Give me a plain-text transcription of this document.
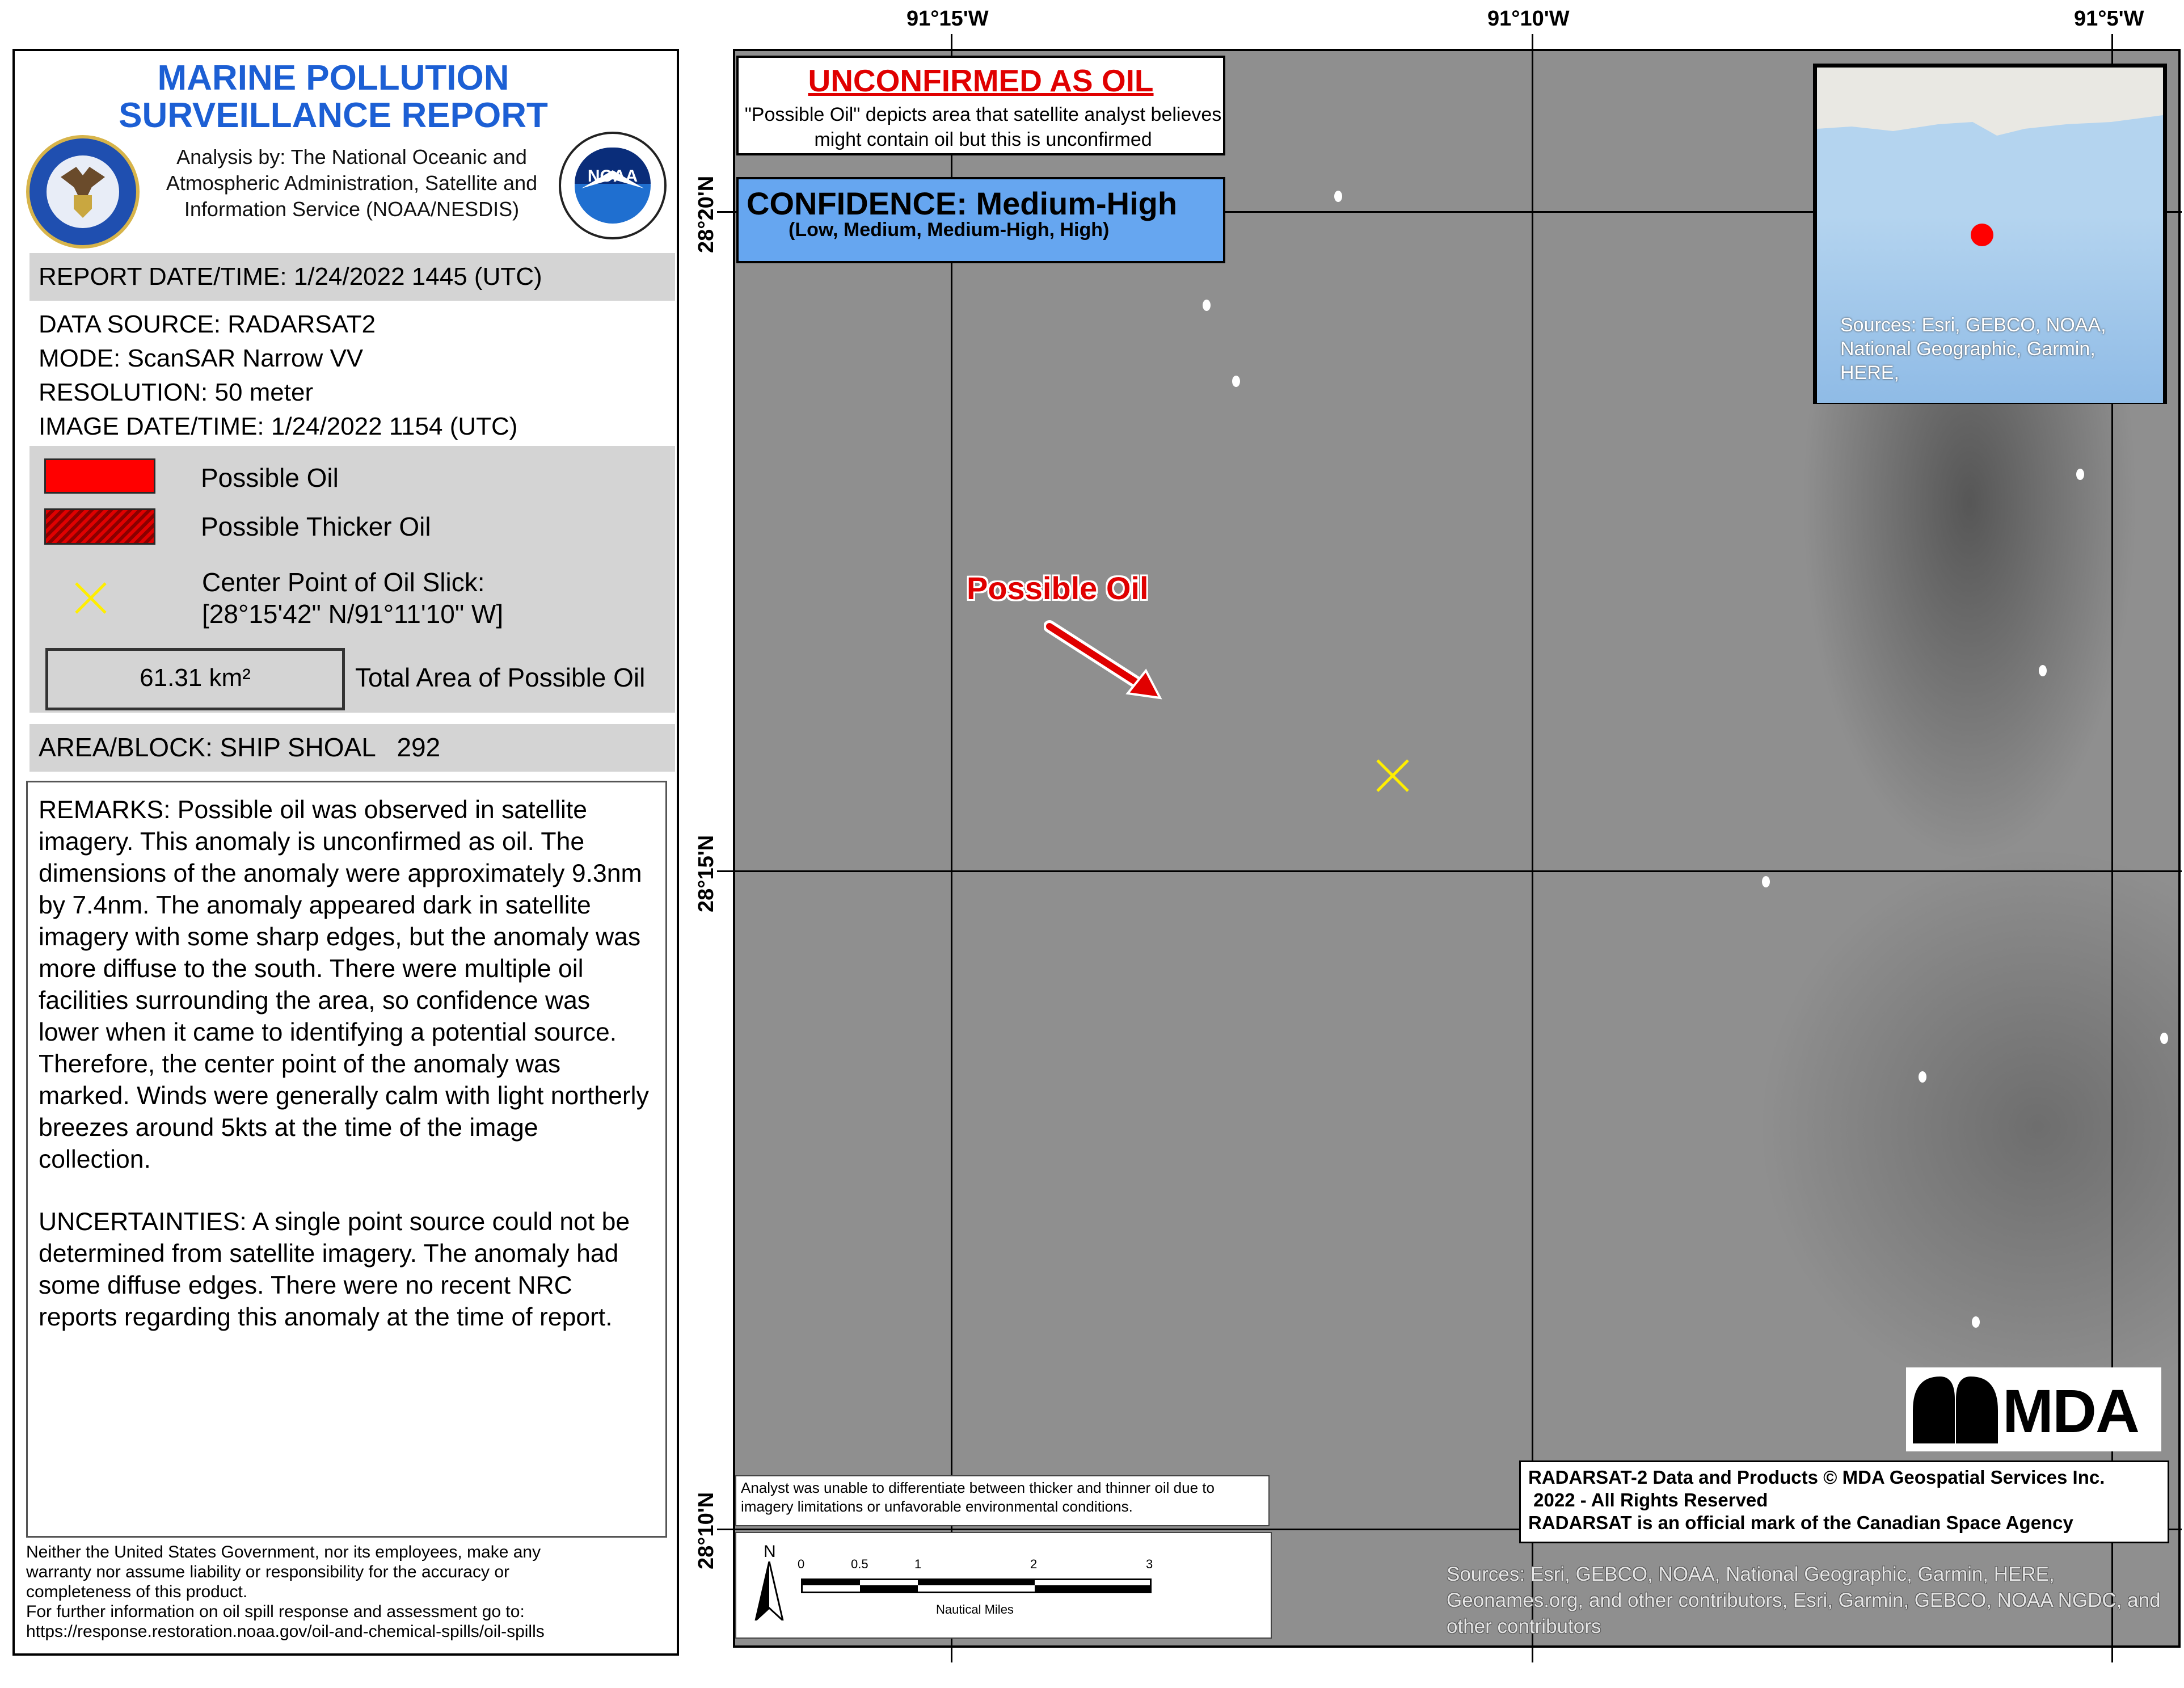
MARINE POLLUTION
SURVEILLANCE REPORT
Analysis by: The National Oceanic and Atmospheric Administration, Satellite and Information Service (NOAA/NESDIS)
NOAA
REPORT DATE/TIME: 1/24/2022 1445 (UTC)
DATA SOURCE: RADARSAT2
MODE: ScanSAR Narrow VV
RESOLUTION: 50 meter
IMAGE DATE/TIME: 1/24/2022 1154 (UTC)
Possible Oil
Possible Thicker Oil
Center Point of Oil Slick:
[28°15'42" N/91°11'10" W]
61.31 km²	Total Area of Possible Oil
AREA/BLOCK: SHIP SHOAL   292
REMARKS: Possible oil was observed in satellite imagery. This anomaly is unconfirmed as oil. The dimensions of the anomaly were approximately 9.3nm by 7.4nm. The anomaly appeared dark in satellite imagery with some sharp edges, but the anomaly was more diffuse to the south. There were multiple oil facilities surrounding the area, so confidence was lower when it came to identifying a potential source. Therefore, the center point of the anomaly was marked. Winds were generally calm with light northerly breezes around 5kts at the time of the image collection.
UNCERTAINTIES: A single point source could not be determined from satellite imagery. The anomaly had some diffuse edges. There were no recent NRC reports regarding this anomaly at the time of report.
Neither the United States Government, nor its employees, make any
warranty nor assume liability or responsibility for the accuracy or
completeness of this product.
For further information on oil spill response and assessment go to:
https://response.restoration.noaa.gov/oil-and-chemical-spills/oil-spills
91°15'W	91°10'W	91°5'W
28°20'N
28°15'N
28°10'N
UNCONFIRMED AS OIL
"Possible Oil" depicts area that satellite analyst believes might contain oil but this is unconfirmed
CONFIDENCE: Medium-High
(Low, Medium, Medium-High, High)
Sources: Esri, GEBCO, NOAA, National Geographic, Garmin, HERE,
Possible Oil
MDA
RADARSAT-2 Data and Products © MDA Geospatial Services Inc.
2022 - All Rights Reserved
RADARSAT is an official mark of the Canadian Space Agency
Analyst was unable to differentiate between thicker and thinner oil due to imagery limitations or unfavorable environmental conditions.
N
0	0.5	1	2	3
Nautical Miles
Sources: Esri, GEBCO, NOAA, National Geographic, Garmin, HERE, Geonames.org, and other contributors, Esri, Garmin, GEBCO, NOAA NGDC, and other contributors
